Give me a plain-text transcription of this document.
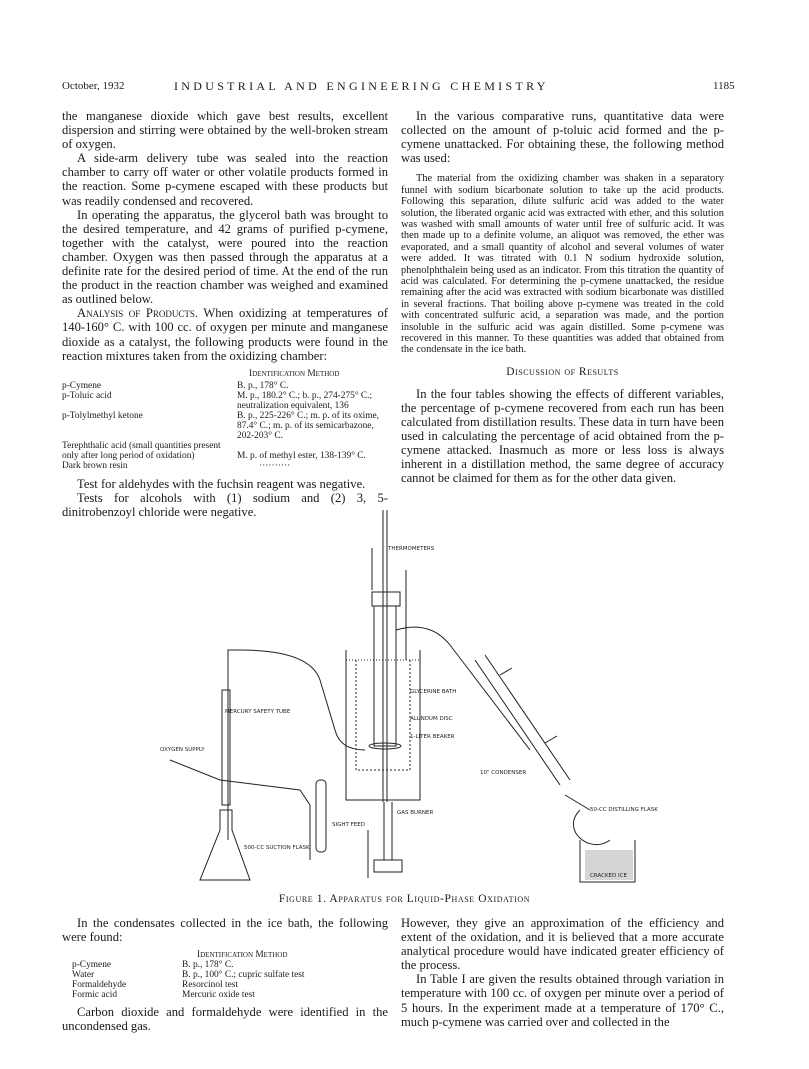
October, 1932	INDUSTRIAL AND ENGINEERING CHEMISTRY	1185

the manganese dioxide which gave best results, excellent dispersion and stirring were obtained by the well-broken stream of oxygen.

A side-arm delivery tube was sealed into the reaction chamber to carry off water or other volatile products formed in the reaction. Some p-cymene escaped with these products but was readily condensed and recovered.

In operating the apparatus, the glycerol bath was brought to the desired temperature, and 42 grams of purified p-cymene, together with the catalyst, were poured into the reaction chamber. Oxygen was then passed through the apparatus at a definite rate for the desired period of time. At the end of the run the product in the reaction chamber was weighed and examined as outlined below.

Analysis of Products. When oxidizing at temperatures of 140-160° C. with 100 cc. of oxygen per minute and manganese dioxide as a catalyst, the following products were found in the reaction mixtures taken from the oxidizing chamber:

	Identification Method
p-Cymene	B. p., 178° C.
p-Toluic acid	M. p., 180.2° C.; b. p., 274-275° C.; neutralization equivalent, 136
p-Tolylmethyl ketone	B. p., 225-226° C.; m. p. of its oxime, 87.4° C.; m. p. of its semicarbazone, 202-203° C.
Terephthalic acid (small quantities present only after long period of oxidation)	M. p. of methyl ester, 138-139° C.
Dark brown resin	··········

Test for aldehydes with the fuchsin reagent was negative.

Tests for alcohols with (1) sodium and (2) 3, 5-dinitrobenzoyl chloride were negative.

In the various comparative runs, quantitative data were collected on the amount of p-toluic acid formed and the p-cymene unattacked. For obtaining these, the following method was used:

The material from the oxidizing chamber was shaken in a separatory funnel with sodium bicarbonate solution to take up the acid products. Following this separation, dilute sulfuric acid was added to the water solution, the liberated organic acid was extracted with ether, and this solution was washed with small amounts of water until free of sulfuric acid. It was then made up to a definite volume, an aliquot was removed, the ether was evaporated, and a small quantity of alcohol and several volumes of water were added. It was titrated with 0.1 N sodium hydroxide solution, phenolphthalein being used as an indicator. From this titration the quantity of acid was calculated. For determining the p-cymene unattacked, the residue remaining after the acid was extracted with sodium bicarbonate was distilled in several fractions. That boiling above p-cymene was treated in the cold with concentrated sulfuric acid, a separation was made, and the portion insoluble in the sulfuric acid was again distilled. Some p-cymene was recovered in this manner. To these quantities was added that obtained from the condensate in the ice bath.

Discussion of Results

In the four tables showing the effects of different variables, the percentage of p-cymene recovered from each run has been calculated from distillation results. These data in turn have been used in calculating the percentage of acid obtained from the p-cymene attacked. Inasmuch as more or less loss is always inherent in a distillation method, the same degree of accuracy cannot be claimed for them as for the other data given.

THERMOMETERS
GLYCERINE BATH
ALUNDUM DISC
1-LITER BEAKER
10" CONDENSER
MERCURY SAFETY TUBE
OXYGEN SUPPLY
SIGHT FEED
GAS BURNER
500-CC SUCTION FLASK
50-CC DISTILLING FLASK
CRACKED ICE
Figure 1. Apparatus for Liquid-Phase Oxidation

In the condensates collected in the ice bath, the following were found:

	Identification Method
p-Cymene	B. p., 178° C.
Water	B. p., 100° C.; cupric sulfate test
Formaldehyde	Resorcinol test
Formic acid	Mercuric oxide test

Carbon dioxide and formaldehyde were identified in the uncondensed gas.

However, they give an approximation of the efficiency and extent of the oxidation, and it is believed that a more accurate analytical procedure would have indicated greater efficiency of the process.

In Table I are given the results obtained through variation in temperature with 100 cc. of oxygen per minute over a period of 5 hours. In the experiment made at a temperature of 170° C., much p-cymene was carried over and collected in the
